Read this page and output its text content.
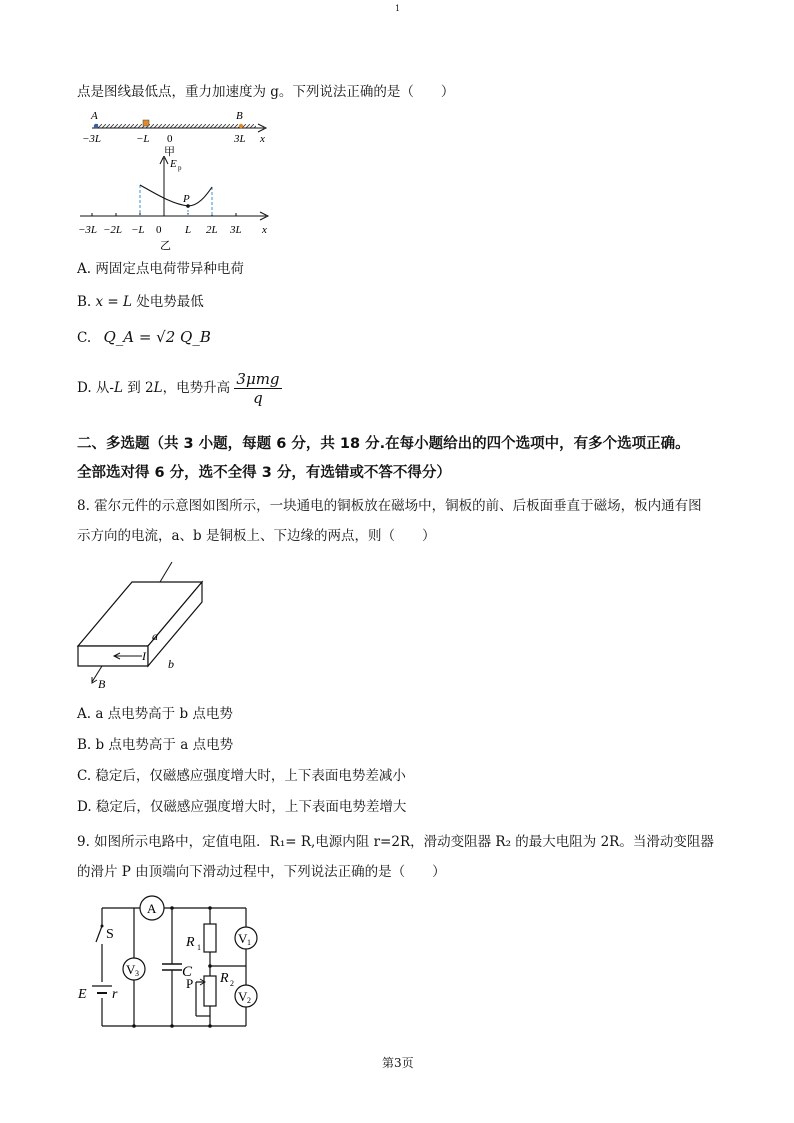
1
点是图线最低点，重力加速度为 g。下列说法正确的是（　　）
A	B
−3L	−L 0	3L x
甲
E p
P
−3L −2L −L 0 L 2L 3L x
乙
A. 两固定点电荷带异种电荷
B. x = L 处电势最低
C. Q_A = √2 Q_B
D. 从-L 到 2L，电势升高 $\frac{\text{3μmg}}{q}$
二、多选题（共 3 小题，每题 6 分，共 18 分.在每小题给出的四个选项中，有多个选项正确。
全部选对得 6 分，选不全得 3 分，有选错或不答不得分）
8. 霍尔元件的示意图如图所示，一块通电的铜板放在磁场中，铜板的前、后板面垂直于磁场，板内通有图
示方向的电流，a、b 是铜板上、下边缘的两点，则（　　）
I
a
b
B
A. a 点电势高于 b 点电势
B. b 点电势高于 a 点电势
C. 稳定后，仅磁感应强度增大时，上下表面电势差减小
D. 稳定后，仅磁感应强度增大时，上下表面电势差增大
9. 如图所示电路中，定值电阻．R₁= R,电源内阻 r=2R，滑动变阻器 R₂ 的最大电阻为 2R。当滑动变阻器
的滑片 P 由顶端向下滑动过程中，下列说法正确的是（　　）
S
E r
A
V 3	C
R 1
R 2
P
V 1
V 2
第3页
